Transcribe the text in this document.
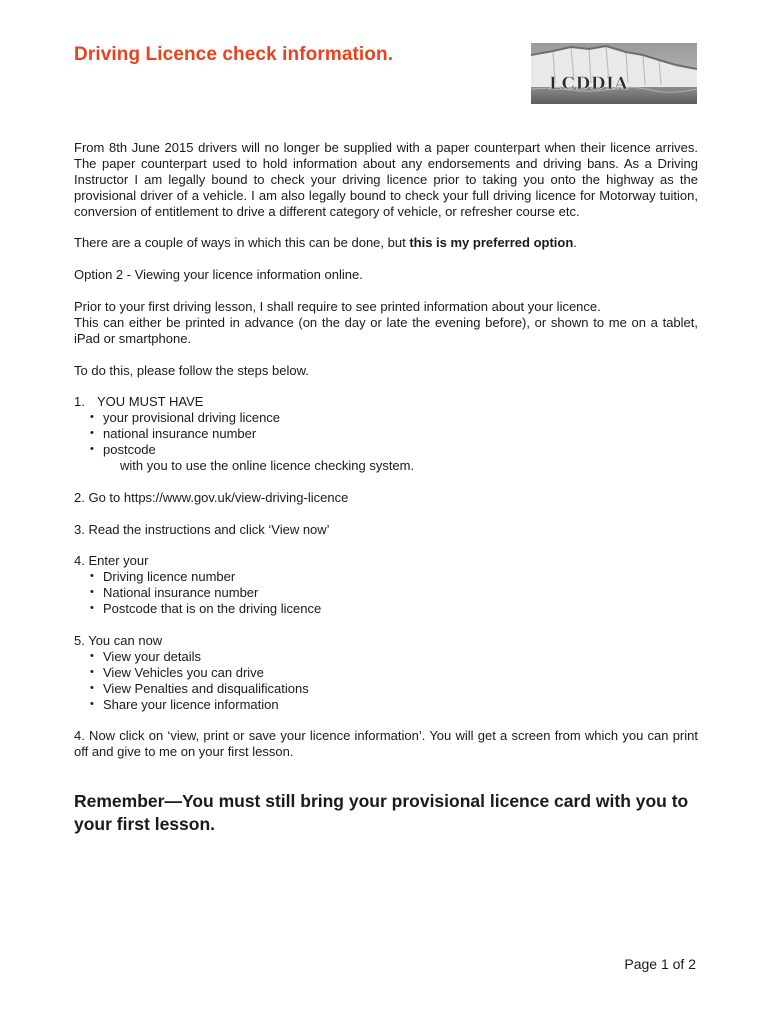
Driving Licence check information.
LCDDIA

From 8th June 2015 drivers will no longer be supplied with a paper counterpart when their licence arrives. The paper counterpart used to hold information about any endorsements and driving bans. As a Driving Instructor I am legally bound to check your driving licence prior to taking you onto the highway as the provisional driver of a vehicle. I am also legally bound to check your full driving licence for Motorway tuition, conversion of entitlement to drive a different category of vehicle, or refresher course etc.

There are a couple of ways in which this can be done, but this is my preferred option.

Option 2 - Viewing your licence information online.

Prior to your first driving lesson, I shall require to see printed information about your licence.

This can either be printed in advance (on the day or late the evening before), or shown to me on a tablet, iPad or smartphone.

To do this, please follow the steps below.

1. YOU MUST HAVE

• your provisional driving licence
• national insurance number
• postcode

with you to use the online licence checking system.

2. Go to https://www.gov.uk/view-driving-licence

3. Read the instructions and click ‘View now’

4. Enter your

• Driving licence number
• National insurance number
• Postcode that is on the driving licence

5. You can now

• View your details
• View Vehicles you can drive
• View Penalties and disqualifications
• Share your licence information

4. Now click on ‘view, print or save your licence information’. You will get a screen from which you can print off and give to me on your first lesson.

Remember—You must still bring your provisional licence card with you to your first lesson.

Page 1 of 2
